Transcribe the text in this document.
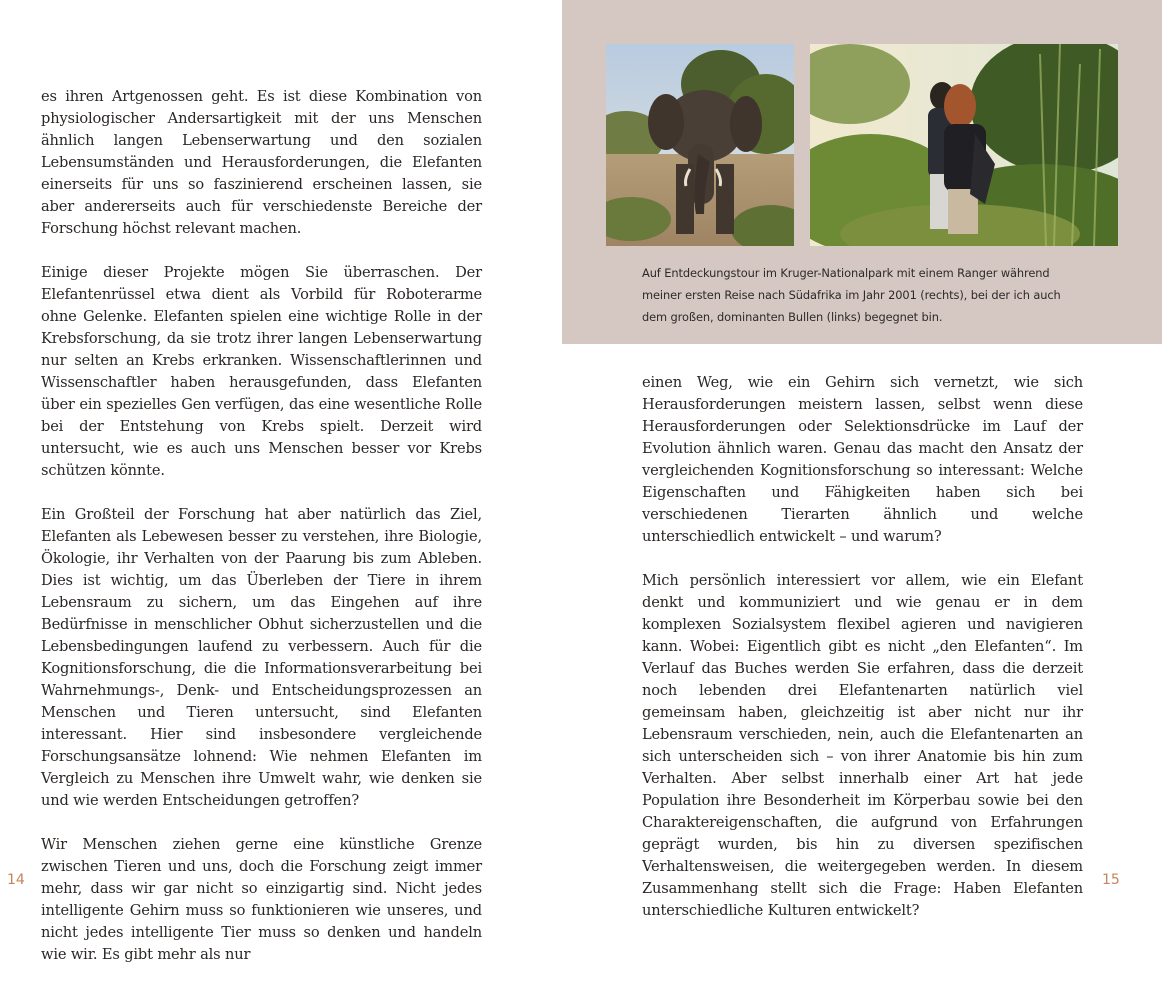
es ihren Artgenossen geht. Es ist diese Kombination von physiologischer Andersartigkeit mit der uns Menschen ähnlich langen Lebenserwartung und den sozialen Lebensumständen und Herausforderungen, die Elefanten einerseits für uns so faszinierend erscheinen lassen, sie aber andererseits auch für verschiedenste Bereiche der Forschung höchst relevant machen.

Einige dieser Projekte mögen Sie überraschen. Der Elefantenrüssel etwa dient als Vorbild für Roboterarme ohne Gelenke. Elefanten spielen eine wichtige Rolle in der Krebsforschung, da sie trotz ihrer langen Lebenserwartung nur selten an Krebs erkranken. Wissenschaftlerinnen und Wissenschaftler haben herausgefunden, dass Elefanten über ein spezielles Gen verfügen, das eine wesentliche Rolle bei der Entstehung von Krebs spielt. Derzeit wird untersucht, wie es auch uns Menschen besser vor Krebs schützen könnte.

Ein Großteil der Forschung hat aber natürlich das Ziel, Elefanten als Lebewesen besser zu verstehen, ihre Biologie, Ökologie, ihr Verhalten von der Paarung bis zum Ableben. Dies ist wichtig, um das Überleben der Tiere in ihrem Lebensraum zu sichern, um das Eingehen auf ihre Bedürfnisse in menschlicher Obhut sicherzustellen und die Lebensbedingungen laufend zu verbessern. Auch für die Kognitionsforschung, die die Informationsverarbeitung bei Wahrnehmungs-, Denk- und Entscheidungsprozessen an Menschen und Tieren untersucht, sind Elefanten interessant. Hier sind insbesondere vergleichende Forschungsansätze lohnend: Wie nehmen Elefanten im Vergleich zu Menschen ihre Umwelt wahr, wie denken sie und wie werden Entscheidungen getroffen?

Wir Menschen ziehen gerne eine künstliche Grenze zwischen Tieren und uns, doch die Forschung zeigt immer mehr, dass wir gar nicht so einzigartig sind. Nicht jedes intelligente Gehirn muss so funktionieren wie unseres, und nicht jedes intelligente Tier muss so denken und handeln wie wir. Es gibt mehr als nur

14
Auf Entdeckungstour im Kruger-Nationalpark mit einem Ranger während
meiner ersten Reise nach Südafrika im Jahr 2001 (rechts), bei der ich auch
dem großen, dominanten Bullen (links) begegnet bin.

einen Weg, wie ein Gehirn sich vernetzt, wie sich Herausforderungen meistern lassen, selbst wenn diese Herausforderungen oder Selektionsdrücke im Lauf der Evolution ähnlich waren. Genau das macht den Ansatz der vergleichenden Kognitionsforschung so interessant: Welche Eigenschaften und Fähigkeiten haben sich bei verschiedenen Tierarten ähnlich und welche unterschiedlich entwickelt – und warum?

Mich persönlich interessiert vor allem, wie ein Elefant denkt und kommuniziert und wie genau er in dem komplexen Sozialsystem flexibel agieren und navigieren kann. Wobei: Eigentlich gibt es nicht „den Elefanten“. Im Verlauf das Buches werden Sie erfahren, dass die derzeit noch lebenden drei Elefantenarten natürlich viel gemeinsam haben, gleichzeitig ist aber nicht nur ihr Lebensraum verschieden, nein, auch die Elefantenarten an sich unterscheiden sich – von ihrer Anatomie bis hin zum Verhalten. Aber selbst innerhalb einer Art hat jede Population ihre Besonderheit im Körperbau sowie bei den Charaktereigenschaften, die aufgrund von Erfahrungen geprägt wurden, bis hin zu diversen spezifischen Verhaltensweisen, die weitergegeben werden. In diesem Zusammenhang stellt sich die Frage: Haben Elefanten unterschiedliche Kulturen entwickelt?

15
